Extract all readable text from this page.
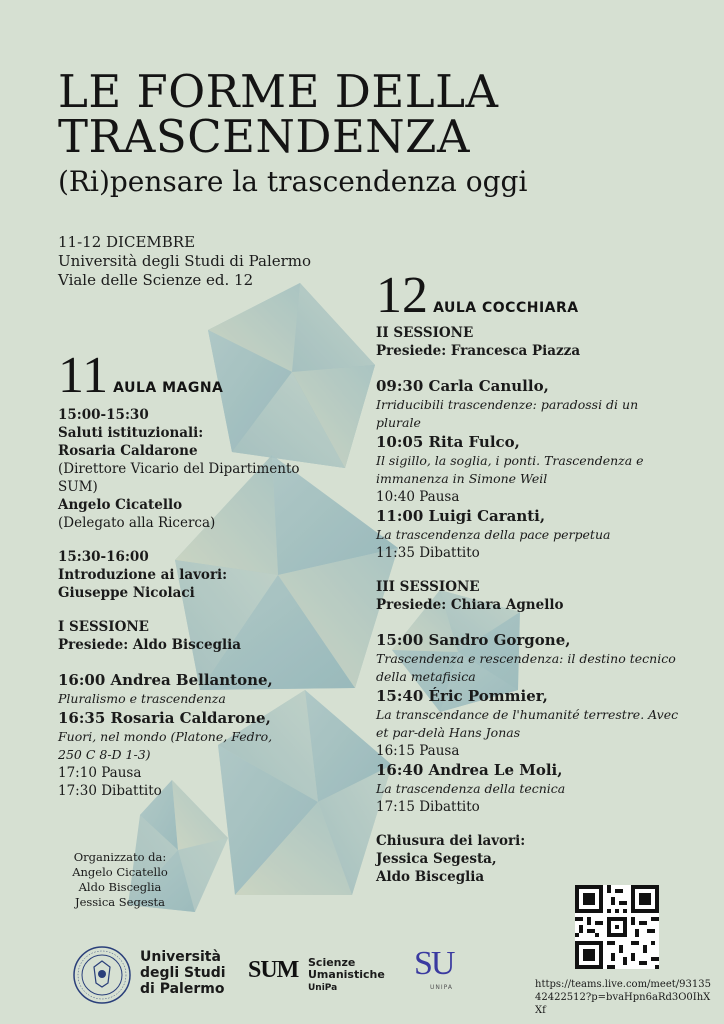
LE FORME DELLA
TRASCENDENZA
(Ri)pensare la trascendenza oggi
11-12 DICEMBRE
Università degli Studi di Palermo
Viale delle Scienze ed. 12
11 AULA MAGNA
15:00-15:30
Saluti istituzionali:
Rosaria Caldarone
(Direttore Vicario del Dipartimento SUM)
Angelo Cicatello
(Delegato alla Ricerca)
15:30-16:00
Introduzione ai lavori:
Giuseppe Nicolaci
I SESSIONE
Presiede: Aldo Bisceglia
16:00 Andrea Bellantone,
Pluralismo e trascendenza
16:35 Rosaria Caldarone,
Fuori, nel mondo (Platone, Fedro, 250 C 8-D 1-3)
17:10 Pausa
17:30 Dibattito
12 AULA COCCHIARA
II SESSIONE
Presiede: Francesca Piazza
09:30 Carla Canullo,
Irriducibili trascendenze: paradossi di un plurale
10:05 Rita Fulco,
Il sigillo, la soglia, i ponti. Trascendenza e immanenza in Simone Weil
10:40 Pausa
11:00 Luigi Caranti,
La trascendenza della pace perpetua
11:35 Dibattito
III SESSIONE
Presiede: Chiara Agnello
15:00 Sandro Gorgone,
Trascendenza e rescendenza: il destino tecnico della metafisica
15:40 Éric Pommier,
La transcendance de l'humanité terrestre. Avec et par-delà Hans Jonas
16:15 Pausa
16:40 Andrea Le Moli,
La trascendenza della tecnica
17:15 Dibattito
Chiusura dei lavori:
Jessica Segesta,
Aldo Bisceglia
Organizzato da:
Angelo Cicatello
Aldo Bisceglia
Jessica Segesta
Università
degli Studi
di Palermo
SUM Scienze
Umanistiche
UniPa
SU
UNIPA	https://teams.live.com/meet/9313542422512?p=bvaHpn6aRd3O0IhXXf
